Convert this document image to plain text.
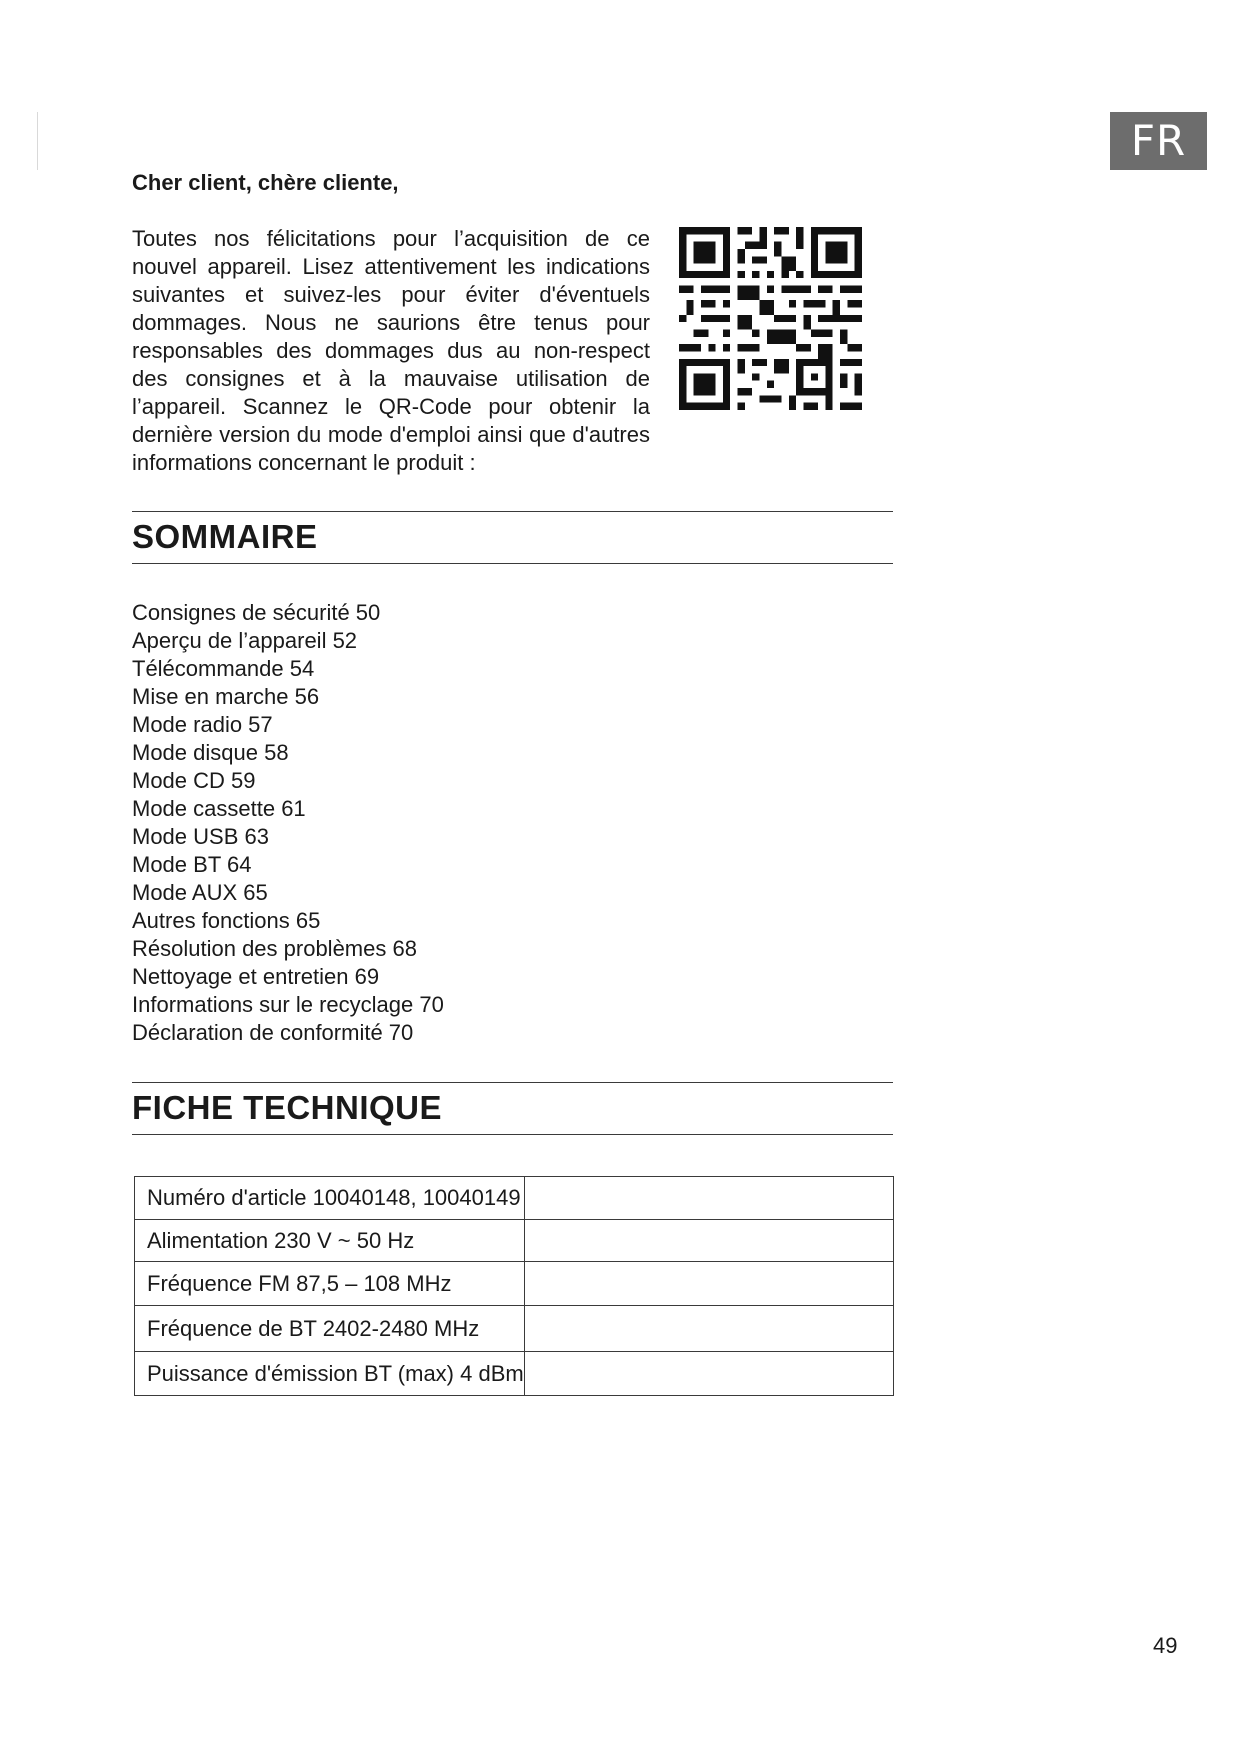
FR
Cher client, chère cliente,

Toutes nos félicitations pour l’acquisition de ce nouvel appareil. Lisez attentivement les indications suivantes et suivez-les pour éviter d'éventuels dommages. Nous ne saurions être tenus pour responsables des dommages dus au non-respect des consignes et à la mauvaise utilisation de l’appareil. Scannez le QR-Code pour obtenir la dernière version du mode d'emploi ainsi que d'autres informations concernant le produit :

SOMMAIRE
Consignes de sécurité 50
Aperçu de l’appareil 52
Télécommande 54
Mise en marche 56
Mode radio 57
Mode disque 58
Mode CD 59
Mode cassette 61
Mode USB 63
Mode BT 64
Mode AUX 65
Autres fonctions 65
Résolution des problèmes 68
Nettoyage et entretien 69
Informations sur le recyclage 70
Déclaration de conformité 70
FICHE TECHNIQUE
Numéro d'article 10040148, 10040149	
Alimentation 230 V ~ 50 Hz	
Fréquence FM 87,5 – 108 MHz	
Fréquence de BT 2402-2480 MHz	
Puissance d'émission BT (max) 4 dBm	
49
